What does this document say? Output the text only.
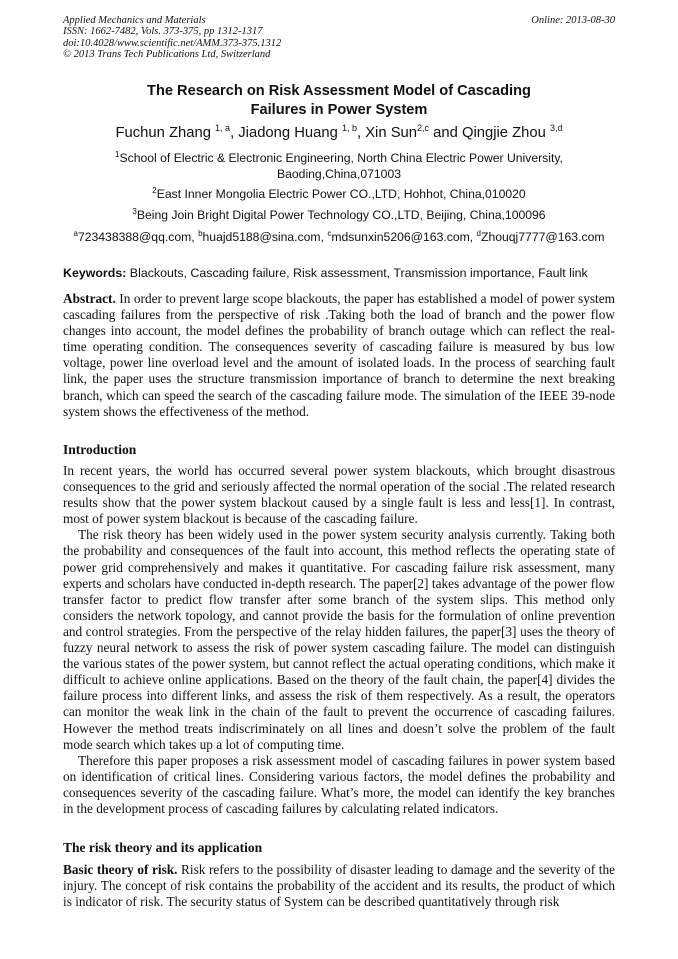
Applied Mechanics and Materials
ISSN: 1662-7482, Vols. 373-375, pp 1312-1317
doi:10.4028/www.scientific.net/AMM.373-375.1312
© 2013 Trans Tech Publications Ltd, Switzerland
Online: 2013-08-30
The Research on Risk Assessment Model of Cascading
Failures in Power System
Fuchun Zhang $^{1, a}$, Jiadong Huang $^{1, b}$, Xin Sun$^{2,c}$ and Qingjie Zhou $^{3,d}$
$^1$School of Electric & Electronic Engineering, North China Electric Power University,
Baoding,China,071003
$^2$East Inner Mongolia Electric Power CO.,LTD, Hohhot, China,010020
$^3$Being Join Bright Digital Power Technology CO.,LTD, Beijing, China,100096
$^a$723438388@qq.com, $^b$huajd5188@sina.com, $^c$mdsunxin5206@163.com, $^d$Zhouqj7777@163.com
Keywords: Blackouts, Cascading failure, Risk assessment, Transmission importance, Fault link

Abstract. In order to prevent large scope blackouts, the paper has established a model of power system cascading failures from the perspective of risk .Taking both the load of branch and the power flow changes into account, the model defines the probability of branch outage which can reflect the real-time operating condition. The consequences severity of cascading failure is measured by bus low voltage, power line overload level and the amount of isolated loads. In the process of searching fault link, the paper uses the structure transmission importance of branch to determine the next breaking branch, which can speed the search of the cascading failure mode. The simulation of the IEEE 39-node system shows the effectiveness of the method.

Introduction

In recent years, the world has occurred several power system blackouts, which brought disastrous consequences to the grid and seriously affected the normal operation of the social .The related research results show that the power system blackout caused by a single fault is less and less[1]. In contrast, most of power system blackout is because of the cascading failure.

The risk theory has been widely used in the power system security analysis currently. Taking both the probability and consequences of the fault into account, this method reflects the operating state of power grid comprehensively and makes it quantitative. For cascading failure risk assessment, many experts and scholars have conducted in-depth research. The paper[2] takes advantage of the power flow transfer factor to predict flow transfer after some branch of the system slips. This method only considers the network topology, and cannot provide the basis for the formulation of online prevention and control strategies. From the perspective of the relay hidden failures, the paper[3] uses the theory of fuzzy neural network to assess the risk of power system cascading failure. The model can distinguish the various states of the power system, but cannot reflect the actual operating conditions, which make it difficult to achieve online applications. Based on the theory of the fault chain, the paper[4] divides the failure process into different links, and assess the risk of them respectively. As a result, the operators can monitor the weak link in the chain of the fault to prevent the occurrence of cascading failures. However the method treats indiscriminately on all lines and doesn’t solve the problem of the fault mode search which takes up a lot of computing time.

Therefore this paper proposes a risk assessment model of cascading failures in power system based on identification of critical lines. Considering various factors, the model defines the probability and consequences severity of the cascading failure. What’s more, the model can identify the key branches in the development process of cascading failures by calculating related indicators.

The risk theory and its application

Basic theory of risk. Risk refers to the possibility of disaster leading to damage and the severity of the injury. The concept of risk contains the probability of the accident and its results, the product of which is indicator of risk. The security status of System can be described quantitatively through risk
